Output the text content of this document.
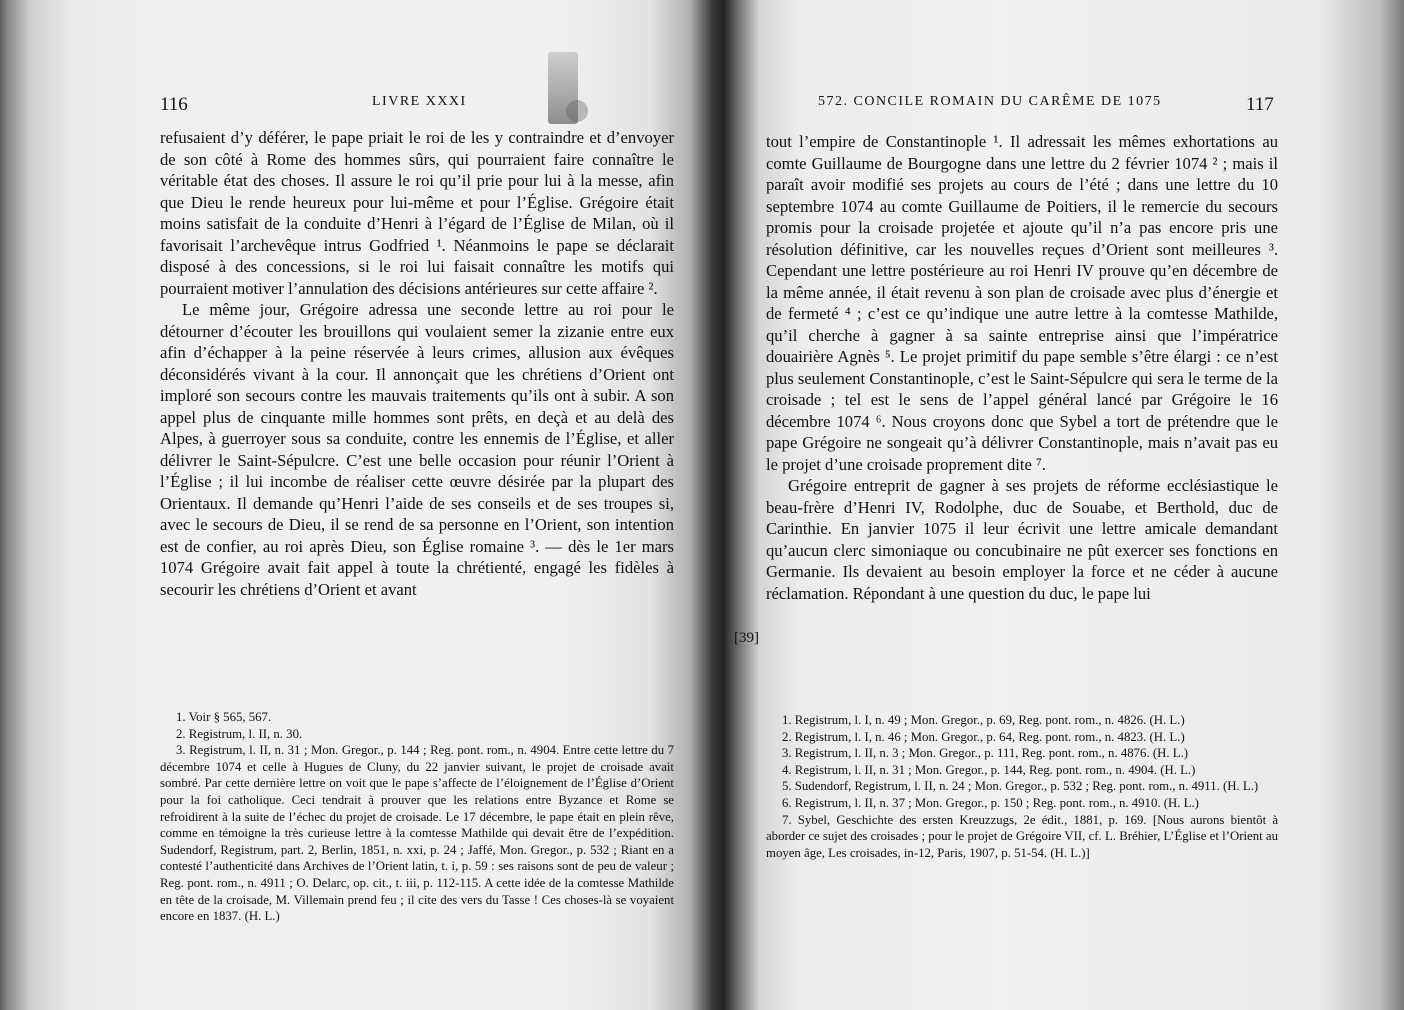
116	LIVRE XXXI

refusaient d’y déférer, le pape priait le roi de les y contraindre et d’envoyer de son côté à Rome des hommes sûrs, qui pourraient faire connaître le véritable état des choses. Il assure le roi qu’il prie pour lui à la messe, afin que Dieu le rende heureux pour lui-même et pour l’Église. Grégoire était moins satisfait de la conduite d’Henri à l’égard de l’Église de Milan, où il favorisait l’archevêque intrus Godfried ¹. Néanmoins le pape se déclarait disposé à des concessions, si le roi lui faisait connaître les motifs qui pourraient motiver l’annulation des décisions antérieures sur cette affaire ².

Le même jour, Grégoire adressa une seconde lettre au roi pour le détourner d’écouter les brouillons qui voulaient semer la zizanie entre eux afin d’échapper à la peine réservée à leurs crimes, allusion aux évêques déconsidérés vivant à la cour. Il annonçait que les chrétiens d’Orient ont imploré son secours contre les mauvais traitements qu’ils ont à subir. A son appel plus de cinquante mille hommes sont prêts, en deçà et au delà des Alpes, à guerroyer sous sa conduite, contre les ennemis de l’Église, et aller délivrer le Saint-Sépulcre. C’est une belle occasion pour réunir l’Orient à l’Église ; il lui incombe de réaliser cette œuvre désirée par la plupart des Orientaux. Il demande qu’Henri l’aide de ses conseils et de ses troupes si, avec le secours de Dieu, il se rend de sa personne en l’Orient, son intention est de confier, au roi après Dieu, son Église romaine ³. — dès le 1er mars 1074 Grégoire avait fait appel à toute la chrétienté, engagé les fidèles à secourir les chrétiens d’Orient et avant

1. Voir § 565, 567.

2. Registrum, l. II, n. 30.

3. Registrum, l. II, n. 31 ; Mon. Gregor., p. 144 ; Reg. pont. rom., n. 4904. Entre cette lettre du 7 décembre 1074 et celle à Hugues de Cluny, du 22 janvier suivant, le projet de croisade avait sombré. Par cette dernière lettre on voit que le pape s’affecte de l’éloignement de l’Église d’Orient pour la foi catholique. Ceci tendrait à prouver que les relations entre Byzance et Rome se refroidirent à la suite de l’échec du projet de croisade. Le 17 décembre, le pape était en plein rêve, comme en témoigne la très curieuse lettre à la comtesse Mathilde qui devait être de l’expédition. Sudendorf, Registrum, part. 2, Berlin, 1851, n. xxi, p. 24 ; Jaffé, Mon. Gregor., p. 532 ; Riant en a contesté l’authenticité dans Archives de l’Orient latin, t. i, p. 59 : ses raisons sont de peu de valeur ; Reg. pont. rom., n. 4911 ; O. Delarc, op. cit., t. iii, p. 112-115. A cette idée de la comtesse Mathilde en tête de la croisade, M. Villemain prend feu ; il cite des vers du Tasse ! Ces choses-là se voyaient encore en 1837. (H. L.)

572. CONCILE ROMAIN DU CARÊME DE 1075	117
[39]

tout l’empire de Constantinople ¹. Il adressait les mêmes exhortations au comte Guillaume de Bourgogne dans une lettre du 2 février 1074 ² ; mais il paraît avoir modifié ses projets au cours de l’été ; dans une lettre du 10 septembre 1074 au comte Guillaume de Poitiers, il le remercie du secours promis pour la croisade projetée et ajoute qu’il n’a pas encore pris une résolution définitive, car les nouvelles reçues d’Orient sont meilleures ³. Cependant une lettre postérieure au roi Henri IV prouve qu’en décembre de la même année, il était revenu à son plan de croisade avec plus d’énergie et de fermeté ⁴ ; c’est ce qu’indique une autre lettre à la comtesse Mathilde, qu’il cherche à gagner à sa sainte entreprise ainsi que l’impératrice douairière Agnès ⁵. Le projet primitif du pape semble s’être élargi : ce n’est plus seulement Constantinople, c’est le Saint-Sépulcre qui sera le terme de la croisade ; tel est le sens de l’appel général lancé par Grégoire le 16 décembre 1074 ⁶. Nous croyons donc que Sybel a tort de prétendre que le pape Grégoire ne songeait qu’à délivrer Constantinople, mais n’avait pas eu le projet d’une croisade proprement dite ⁷.

Grégoire entreprit de gagner à ses projets de réforme ecclésiastique le beau-frère d’Henri IV, Rodolphe, duc de Souabe, et Berthold, duc de Carinthie. En janvier 1075 il leur écrivit une lettre amicale demandant qu’aucun clerc simoniaque ou concubinaire ne pût exercer ses fonctions en Germanie. Ils devaient au besoin employer la force et ne céder à aucune réclamation. Répondant à une question du duc, le pape lui

1. Registrum, l. I, n. 49 ; Mon. Gregor., p. 69, Reg. pont. rom., n. 4826. (H. L.)

2. Registrum, l. I, n. 46 ; Mon. Gregor., p. 64, Reg. pont. rom., n. 4823. (H. L.)

3. Registrum, l. II, n. 3 ; Mon. Gregor., p. 111, Reg. pont. rom., n. 4876. (H. L.)

4. Registrum, l. II, n. 31 ; Mon. Gregor., p. 144, Reg. pont. rom., n. 4904. (H. L.)

5. Sudendorf, Registrum, l. II, n. 24 ; Mon. Gregor., p. 532 ; Reg. pont. rom., n. 4911. (H. L.)

6. Registrum, l. II, n. 37 ; Mon. Gregor., p. 150 ; Reg. pont. rom., n. 4910. (H. L.)

7. Sybel, Geschichte des ersten Kreuzzugs, 2e édit., 1881, p. 169. [Nous aurons bientôt à aborder ce sujet des croisades ; pour le projet de Grégoire VII, cf. L. Bréhier, L’Église et l’Orient au moyen âge, Les croisades, in-12, Paris, 1907, p. 51-54. (H. L.)]
